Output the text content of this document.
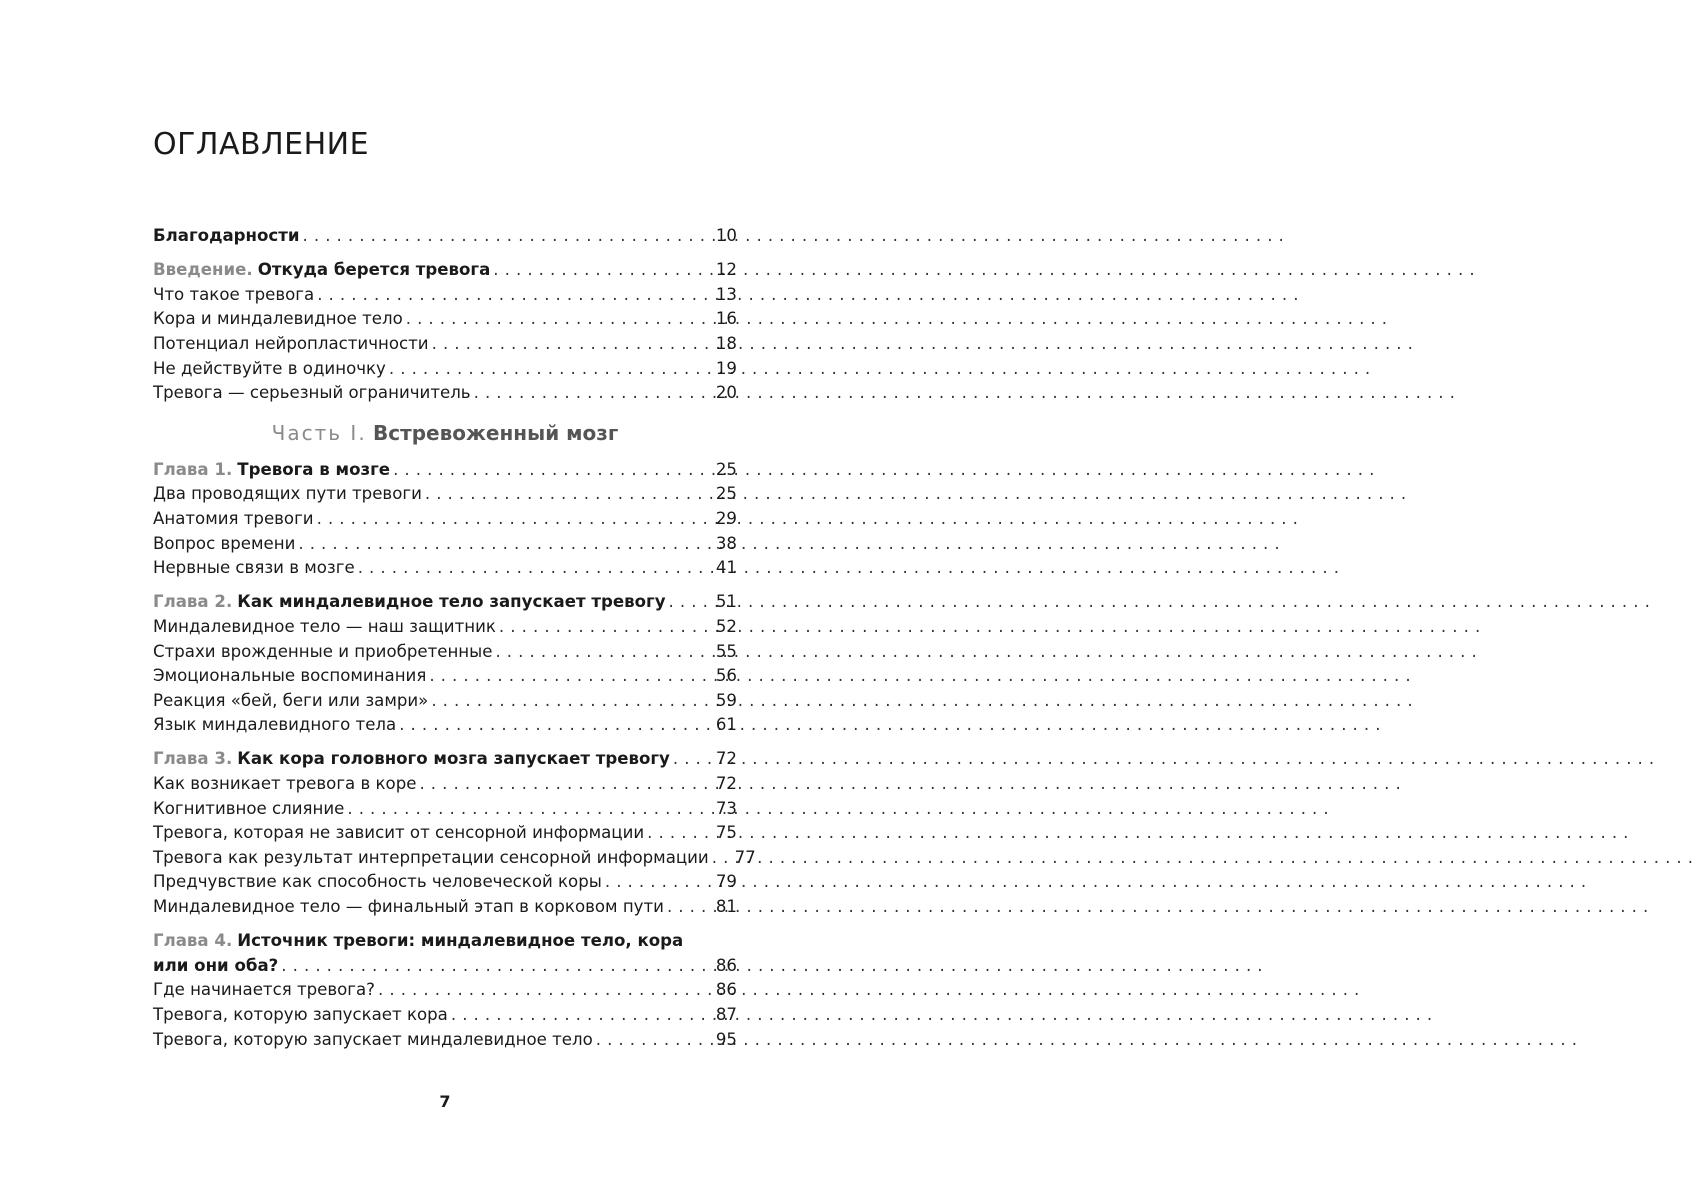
ОГЛАВЛЕНИЕ
Благодарности . . .	10
Введение. Откуда берется тревога . . .	12
Что такое тревога . . .	13
Кора и миндалевидное тело . . .	16
Потенциал нейропластичности . . .	18
Не действуйте в одиночку . . .	19
Тревога — серьезный ограничитель . . .	20
Часть I. Встревоженный мозг
Глава 1. Тревога в мозге . . .	25
Два проводящих пути тревоги . . .	25
Анатомия тревоги . . .	29
Вопрос времени . . .	38
Нервные связи в мозге . . .	41
Глава 2. Как миндалевидное тело запускает тревогу . . .	51
Миндалевидное тело — наш защитник . . .	52
Страхи врожденные и приобретенные . . .	55
Эмоциональные воспоминания . . .	56
Реакция «бей, беги или замри» . . .	59
Язык миндалевидного тела . . .	61
Глава 3. Как кора головного мозга запускает тревогу . . .	72
Как возникает тревога в коре . . .	72
Когнитивное слияние . . .	73
Тревога, которая не зависит от сенсорной информации . . .	75
Тревога как результат интерпретации сенсорной информации . . . 77
Предчувствие как способность человеческой коры . . .	79
Миндалевидное тело — финальный этап в корковом пути . . .	81
Глава 4. Источник тревоги: миндалевидное тело, кора
или они оба? . . .	86
Где начинается тревога? . . .	86
Тревога, которую запускает кора . . .	87
Тревога, которую запускает миндалевидное тело . . .	95
7
